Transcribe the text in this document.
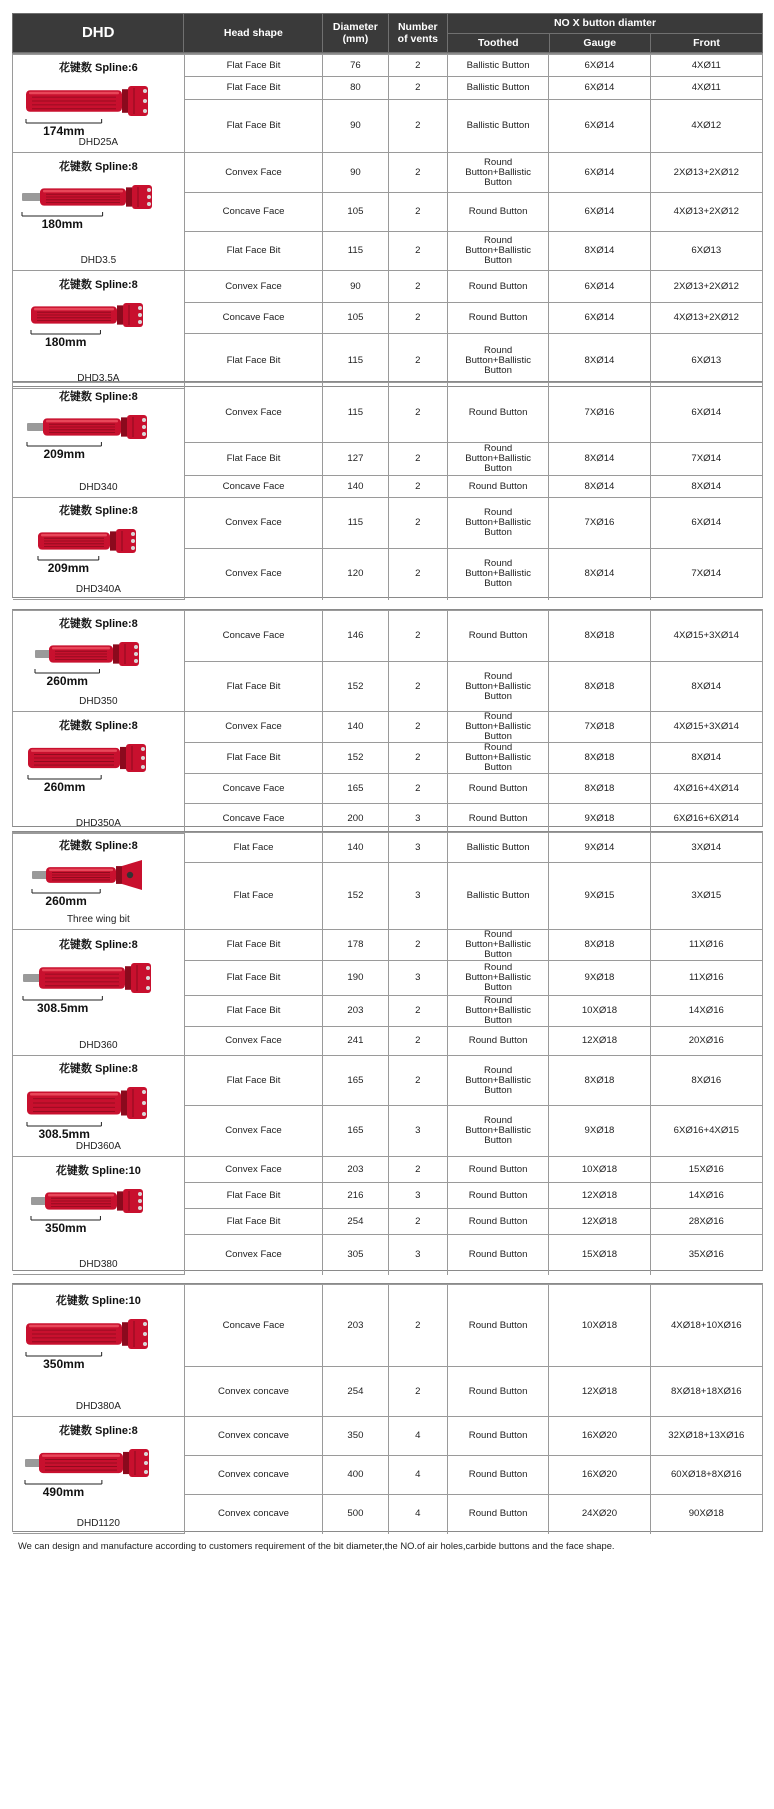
DHD	Head shape	Diameter
(mm)	Number
of vents	NO X button diamter		
				Toothed	Gauge	Front
花键数 Spline:6
174mm
DHD25A	Flat Face Bit	76	2	Ballistic Button	6XØ14	4XØ11
	Flat Face Bit	80	2	Ballistic Button	6XØ14	4XØ11
	Flat Face Bit	90	2	Ballistic Button	6XØ14	4XØ12

花键数 Spline:8
180mm
DHD3.5	Convex Face	90	2	Round Button+Ballistic Button	6XØ14	2XØ13+2XØ12
	Concave Face	105	2	Round Button	6XØ14	4XØ13+2XØ12
	Flat Face Bit	115	2	Round Button+Ballistic Button	8XØ14	6XØ13

花键数 Spline:8
180mm
DHD3.5A	Convex Face	90	2	Round Button	6XØ14	2XØ13+2XØ12
	Concave Face	105	2	Round Button	6XØ14	4XØ13+2XØ12
	Flat Face Bit	115	2	Round Button+Ballistic Button	8XØ14	6XØ13
花键数 Spline:8
209mm
DHD340	Convex Face	115	2	Round Button	7XØ16	6XØ14
	Flat Face Bit	127	2	Round Button+Ballistic Button	8XØ14	7XØ14
	Concave Face	140	2	Round Button	8XØ14	8XØ14

花键数 Spline:8
209mm
DHD340A	Convex Face	115	2	Round Button+Ballistic Button	7XØ16	6XØ14
	Convex Face	120	2	Round Button+Ballistic Button	8XØ14	7XØ14
花键数 Spline:8
260mm
DHD350	Concave Face	146	2	Round Button	8XØ18	4XØ15+3XØ14
	Flat Face Bit	152	2	Round Button+Ballistic Button	8XØ18	8XØ14

花键数 Spline:8
260mm
DHD350A	Convex Face	140	2	Round Button+Ballistic Button	7XØ18	4XØ15+3XØ14
	Flat Face Bit	152	2	Round Button+Ballistic Button	8XØ18	8XØ14
	Concave Face	165	2	Round Button	8XØ18	4XØ16+4XØ14
	Concave Face	200	3	Round Button	9XØ18	6XØ16+6XØ14
花键数 Spline:8
260mm
Three wing bit	Flat Face	140	3	Ballistic Button	9XØ14	3XØ14
	Flat Face	152	3	Ballistic Button	9XØ15	3XØ15

花键数 Spline:8
308.5mm
DHD360	Flat Face Bit	178	2	Round Button+Ballistic Button	8XØ18	11XØ16
	Flat Face Bit	190	3	Round Button+Ballistic Button	9XØ18	11XØ16
	Flat Face Bit	203	2	Round Button+Ballistic Button	10XØ18	14XØ16
	Convex Face	241	2	Round Button	12XØ18	20XØ16

花键数 Spline:8
308.5mm
DHD360A	Flat Face Bit	165	2	Round Button+Ballistic Button	8XØ18	8XØ16
	Convex Face	165	3	Round Button+Ballistic Button	9XØ18	6XØ16+4XØ15

花键数 Spline:10
350mm
DHD380	Convex Face	203	2	Round Button	10XØ18	15XØ16
	Flat Face Bit	216	3	Round Button	12XØ18	14XØ16
	Flat Face Bit	254	2	Round Button	12XØ18	28XØ16
	Convex Face	305	3	Round Button	15XØ18	35XØ16
花键数 Spline:10
350mm
DHD380A	Concave Face	203	2	Round Button	10XØ18	4XØ18+10XØ16
	Convex concave	254	2	Round Button	12XØ18	8XØ18+18XØ16

花键数 Spline:8
490mm
DHD1120	Convex concave	350	4	Round Button	16XØ20	32XØ18+13XØ16
	Convex concave	400	4	Round Button	16XØ20	60XØ18+8XØ16
	Convex concave	500	4	Round Button	24XØ20	90XØ18
We can design and manufacture according to customers requirement of the bit diameter,the NO.of air holes,carbide buttons and the face shape.
